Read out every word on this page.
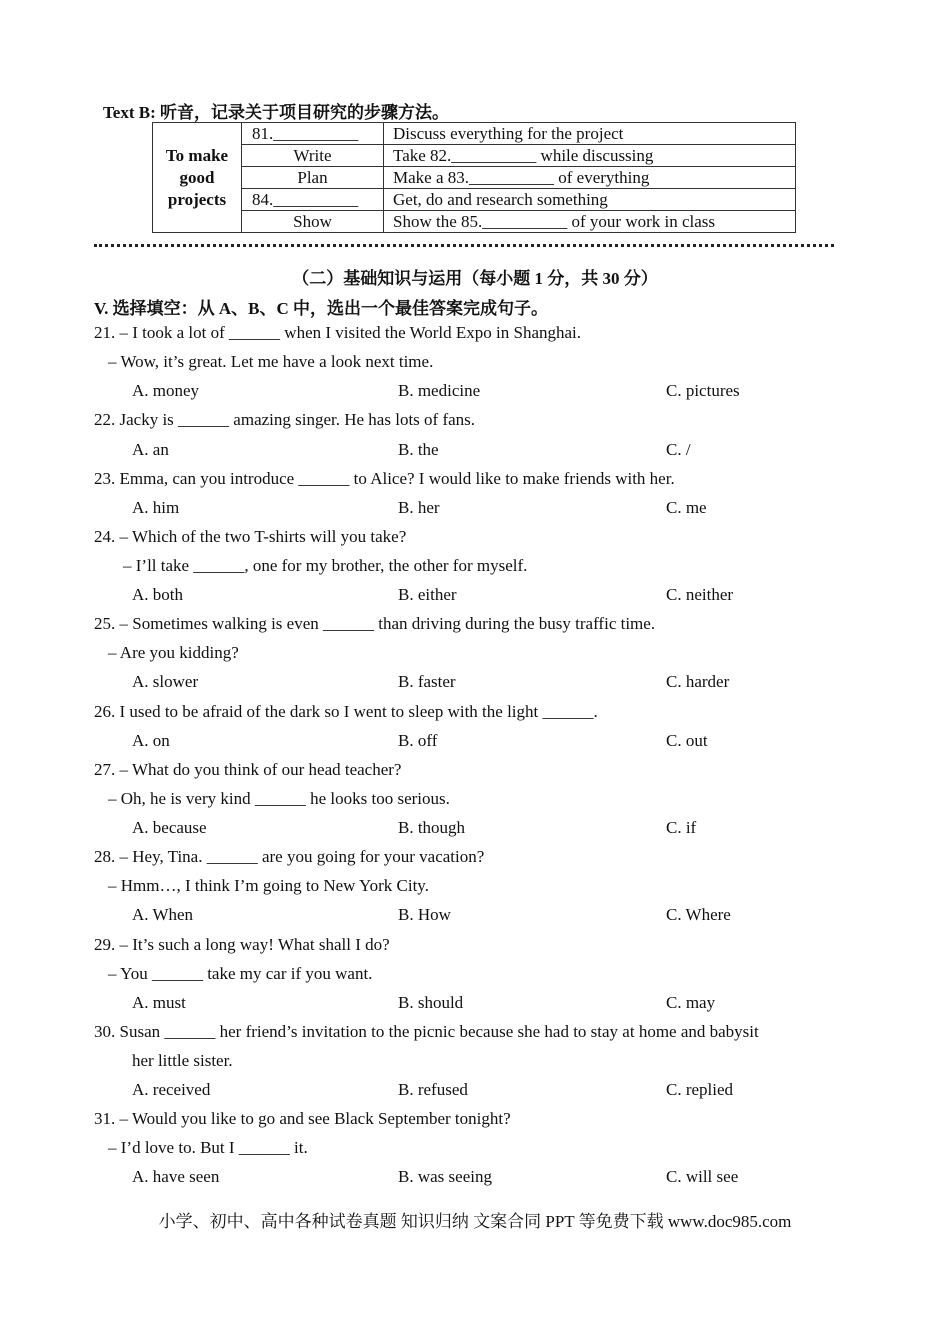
Text B: 听音，记录关于项目研究的步骤方法。
To make good projects	81.__________	Discuss everything for the project
	Write	Take 82.__________ while discussing
	Plan	Make a 83.__________ of everything
	84.__________	Get, do and research something
	Show	Show the 85.__________ of your work in class
（二）基础知识与运用（每小题 1 分，共 30 分）
V. 选择填空：从 A、B、C 中，选出一个最佳答案完成句子。
21. – I took a lot of ______ when I visited the World Expo in Shanghai.
– Wow, it’s great. Let me have a look next time.
A. money	B. medicine	C. pictures
22. Jacky is ______ amazing singer. He has lots of fans.
A. an	B. the	C. /
23. Emma, can you introduce ______ to Alice? I would like to make friends with her.
A. him	B. her	C. me
24. – Which of the two T-shirts will you take?
– I’ll take ______, one for my brother, the other for myself.
A. both	B. either	C. neither
25. – Sometimes walking is even ______ than driving during the busy traffic time.
– Are you kidding?
A. slower	B. faster	C. harder
26. I used to be afraid of the dark so I went to sleep with the light ______.
A. on	B. off	C. out
27. – What do you think of our head teacher?
– Oh, he is very kind ______ he looks too serious.
A. because	B. though	C. if
28. – Hey, Tina. ______ are you going for your vacation?
– Hmm…, I think I’m going to New York City.
A. When	B. How	C. Where
29. – It’s such a long way! What shall I do?
– You ______ take my car if you want.
A. must	B. should	C. may
30. Susan ______ her friend’s invitation to the picnic because she had to stay at home and babysit
her little sister.
A. received	B. refused	C. replied
31. – Would you like to go and see Black September tonight?
– I’d love to. But I ______ it.
A. have seen	B. was seeing	C. will see
小学、初中、高中各种试卷真题 知识归纳 文案合同 PPT 等免费下载 www.doc985.com
